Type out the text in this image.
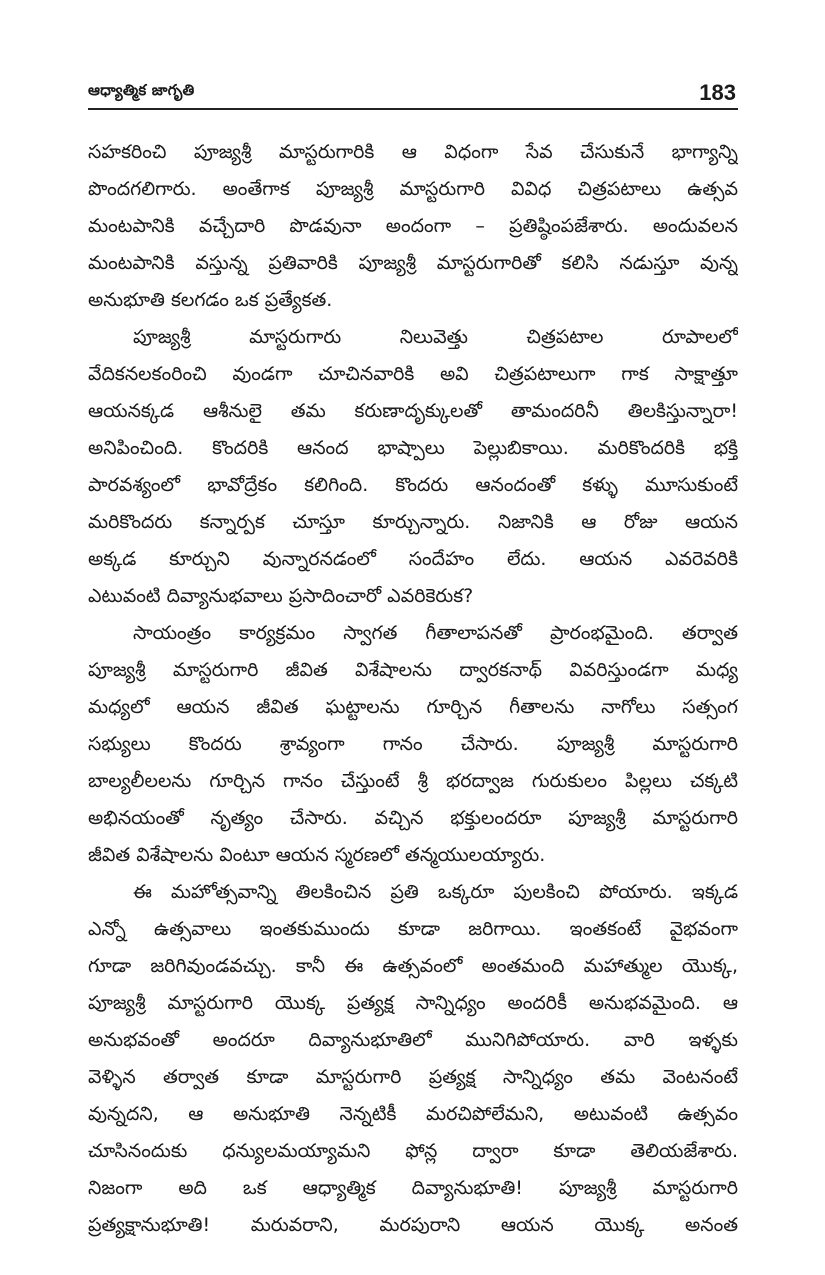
ఆధ్యాత్మిక జాగృతి	183
సహకరించి పూజ్యశ్రీ మాస్టరుగారికి ఆ విధంగా సేవ చేసుకునే భాగ్యాన్ని
పొందగలిగారు. అంతేగాక పూజ్యశ్రీ మాస్టరుగారి వివిధ చిత్రపటాలు ఉత్సవ
మంటపానికి వచ్చేదారి పొడవునా అందంగా – ప్రతిష్ఠింపజేశారు. అందువలన
మంటపానికి వస్తున్న ప్రతివారికి పూజ్యశ్రీ మాస్టరుగారితో కలిసి నడుస్తూ వున్న
అనుభూతి కలగడం ఒక ప్రత్యేకత.
పూజ్యశ్రీ మాస్టరుగారు నిలువెత్తు చిత్రపటాల రూపాలలో
వేదికనలకంరించి వుండగా చూచినవారికి అవి చిత్రపటాలుగా గాక సాక్షాత్తూ
ఆయనక్కడ ఆశీనులై తమ కరుణాదృక్కులతో తామందరినీ తిలకిస్తున్నారా!
అనిపించింది. కొందరికి ఆనంద భాష్పాలు పెల్లుబికాయి. మరికొందరికి భక్తి
పారవశ్యంలో భావోద్రేకం కలిగింది. కొందరు ఆనందంతో కళ్ళు మూసుకుంటే
మరికొందరు కన్నార్పక చూస్తూ కూర్చున్నారు. నిజానికి ఆ రోజు ఆయన
అక్కడ కూర్చుని వున్నారనడంలో సందేహం లేదు. ఆయన ఎవరెవరికి
ఎటువంటి దివ్యానుభవాలు ప్రసాదించారో ఎవరికెరుక?
సాయంత్రం కార్యక్రమం స్వాగత గీతాలాపనతో ప్రారంభమైంది. తర్వాత
పూజ్యశ్రీ మాస్టరుగారి జీవిత విశేషాలను ద్వారకనాథ్ వివరిస్తుండగా మధ్య
మధ్యలో ఆయన జీవిత ఘట్టాలను గూర్చిన గీతాలను నాగోలు సత్సంగ
సభ్యులు కొందరు శ్రావ్యంగా గానం చేసారు. పూజ్యశ్రీ మాస్టరుగారి
బాల్యలీలలను గూర్చిన గానం చేస్తుంటే శ్రీ భరద్వాజ గురుకులం పిల్లలు చక్కటి
అభినయంతో నృత్యం చేసారు. వచ్చిన భక్తులందరూ పూజ్యశ్రీ మాస్టరుగారి
జీవిత విశేషాలను వింటూ ఆయన స్మరణలో తన్మయులయ్యారు.
ఈ మహోత్సవాన్ని తిలకించిన ప్రతి ఒక్కరూ పులకించి పోయారు. ఇక్కడ
ఎన్నో ఉత్సవాలు ఇంతకుముందు కూడా జరిగాయి. ఇంతకంటే వైభవంగా
గూడా జరిగివుండవచ్చు. కానీ ఈ ఉత్సవంలో అంతమంది మహాత్ముల యొక్క,
పూజ్యశ్రీ మాస్టరుగారి యొక్క ప్రత్యక్ష సాన్నిధ్యం అందరికీ అనుభవమైంది. ఆ
అనుభవంతో అందరూ దివ్యానుభూతిలో మునిగిపోయారు. వారి ఇళ్ళకు
వెళ్ళిన తర్వాత కూడా మాస్టరుగారి ప్రత్యక్ష సాన్నిధ్యం తమ వెంటనంటే
వున్నదని, ఆ అనుభూతి నెన్నటికీ మరచిపోలేమని, అటువంటి ఉత్సవం
చూసినందుకు ధన్యులమయ్యామని ఫోన్ల ద్వారా కూడా తెలియజేశారు.
నిజంగా అది ఒక ఆధ్యాత్మిక దివ్యానుభూతి! పూజ్యశ్రీ మాస్టరుగారి
ప్రత్యక్షానుభూతి! మరువరాని, మరపురాని ఆయన యొక్క అనంత
